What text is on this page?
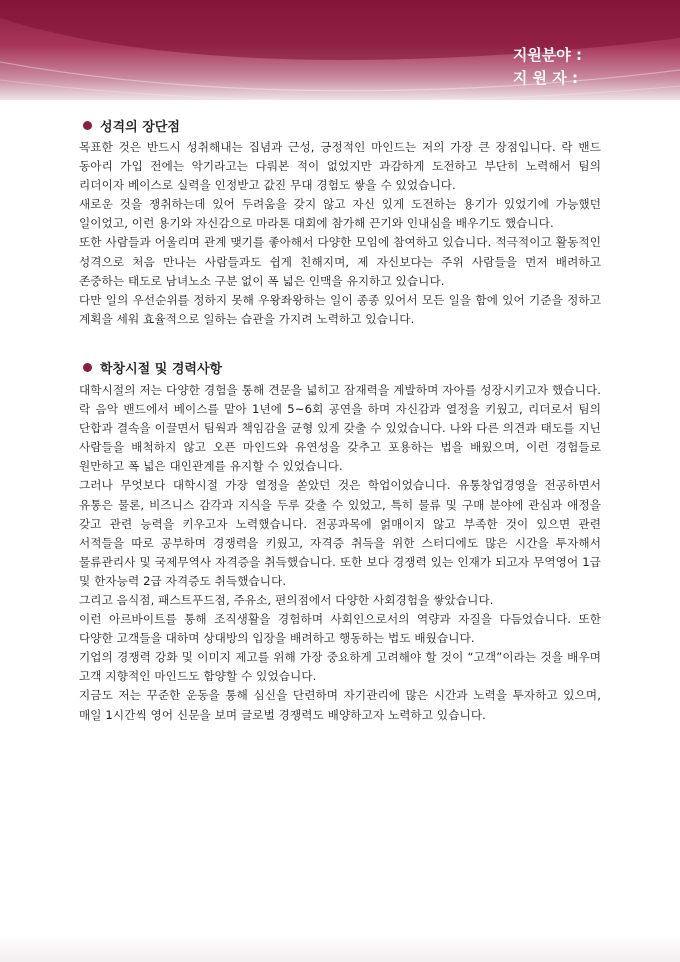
지원분야 :
지 원 자 :
성격의 장단점

목표한 것은 반드시 성취해내는 집념과 근성, 긍정적인 마인드는 저의 가장 큰 장점입니다. 락 밴드 동아리 가입 전에는 악기라고는 다뤄본 적이 없었지만 과감하게 도전하고 부단히 노력해서 팀의 리더이자 베이스로 실력을 인정받고 값진 무대 경험도 쌓을 수 있었습니다.

새로운 것을 쟁취하는데 있어 두려움을 갖지 않고 자신 있게 도전하는 용기가 있었기에 가능했던 일이었고, 이런 용기와 자신감으로 마라톤 대회에 참가해 끈기와 인내심을 배우기도 했습니다.

또한 사람들과 어울리며 관계 맺기를 좋아해서 다양한 모임에 참여하고 있습니다. 적극적이고 활동적인 성격으로 처음 만나는 사람들과도 쉽게 친해지며, 제 자신보다는 주위 사람들을 먼저 배려하고 존중하는 태도로 남녀노소 구분 없이 폭 넓은 인맥을 유지하고 있습니다.

다만 일의 우선순위를 정하지 못해 우왕좌왕하는 일이 종종 있어서 모든 일을 함에 있어 기준을 정하고 계획을 세워 효율적으로 일하는 습관을 가지려 노력하고 있습니다.

학창시절 및 경력사항

대학시절의 저는 다양한 경험을 통해 견문을 넓히고 잠재력을 계발하며 자아를 성장시키고자 했습니다. 락 음악 밴드에서 베이스를 맡아 1년에 5~6회 공연을 하며 자신감과 열정을 키웠고, 리더로서 팀의 단합과 결속을 이끌면서 팀웍과 책임감을 균형 있게 갖출 수 있었습니다. 나와 다른 의견과 태도를 지닌 사람들을 배척하지 않고 오픈 마인드와 유연성을 갖추고 포용하는 법을 배웠으며, 이런 경험들로 원만하고 폭 넓은 대인관계를 유지할 수 있었습니다.

그러나 무엇보다 대학시절 가장 열정을 쏟았던 것은 학업이었습니다. 유통창업경영을 전공하면서 유통은 물론, 비즈니스 감각과 지식을 두루 갖출 수 있었고, 특히 물류 및 구매 분야에 관심과 애정을 갖고 관련 능력을 키우고자 노력했습니다. 전공과목에 얽매이지 않고 부족한 것이 있으면 관련 서적들을 따로 공부하며 경쟁력을 키웠고, 자격증 취득을 위한 스터디에도 많은 시간을 투자해서 물류관리사 및 국제무역사 자격증을 취득했습니다. 또한 보다 경쟁력 있는 인재가 되고자 무역영어 1급 및 한자능력 2급 자격증도 취득했습니다.

그리고 음식점, 패스트푸드점, 주유소, 편의점에서 다양한 사회경험을 쌓았습니다.

이런 아르바이트를 통해 조직생활을 경험하며 사회인으로서의 역량과 자질을 다듬었습니다. 또한 다양한 고객들을 대하며 상대방의 입장을 배려하고 행동하는 법도 배웠습니다.

기업의 경쟁력 강화 및 이미지 제고를 위해 가장 중요하게 고려해야 할 것이 “고객”이라는 것을 배우며 고객 지향적인 마인드도 함양할 수 있었습니다.

지금도 저는 꾸준한 운동을 통해 심신을 단련하며 자기관리에 많은 시간과 노력을 투자하고 있으며, 매일 1시간씩 영어 신문을 보며 글로벌 경쟁력도 배양하고자 노력하고 있습니다.
